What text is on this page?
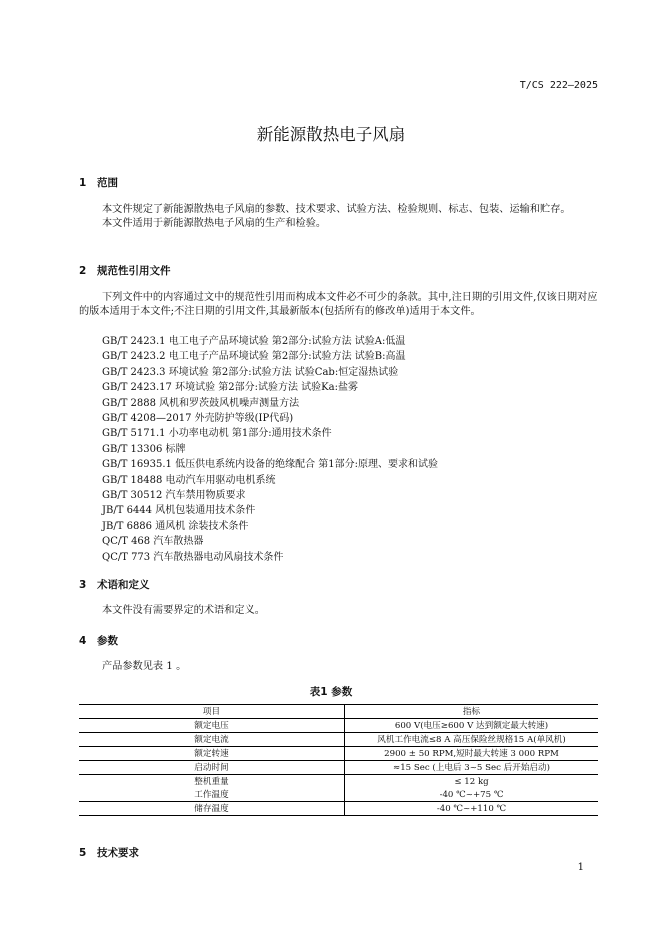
T/CS 222—2025
新能源散热电子风扇
1 范围

本文件规定了新能源散热电子风扇的参数、技术要求、试验方法、检验规则、标志、包装、运输和贮存。

本文件适用于新能源散热电子风扇的生产和检验。

2 规范性引用文件

下列文件中的内容通过文中的规范性引用而构成本文件必不可少的条款。其中,注日期的引用文件,仅该日期对应的版本适用于本文件;不注日期的引用文件,其最新版本(包括所有的修改单)适用于本文件。

GB/T 2423.1 电工电子产品环境试验 第2部分:试验方法 试验A:低温
GB/T 2423.2 电工电子产品环境试验 第2部分:试验方法 试验B:高温
GB/T 2423.3 环境试验 第2部分:试验方法 试验Cab:恒定湿热试验
GB/T 2423.17 环境试验 第2部分:试验方法 试验Ka:盐雾
GB/T 2888 风机和罗茨鼓风机噪声测量方法
GB/T 4208—2017 外壳防护等级(IP代码)
GB/T 5171.1 小功率电动机 第1部分:通用技术条件
GB/T 13306 标牌
GB/T 16935.1 低压供电系统内设备的绝缘配合 第1部分:原理、要求和试验
GB/T 18488 电动汽车用驱动电机系统
GB/T 30512 汽车禁用物质要求
JB/T 6444 风机包装通用技术条件
JB/T 6886 通风机 涂装技术条件
QC/T 468 汽车散热器
QC/T 773 汽车散热器电动风扇技术条件
3 术语和定义

本文件没有需要界定的术语和定义。

4 参数

产品参数见表 1 。

表1 参数
项目	指标
额定电压	600 V(电压≥600 V 达到额定最大转速)
额定电流	风机工作电流≤8 A 高压保险丝规格15 A(单风机)
额定转速	2900 ± 50 RPM,短时最大转速 3 000 RPM
启动时间	≈15 Sec (上电后 3~5 Sec 后开始启动)
整机重量	≤ 12 kg
工作温度	-40 ℃~+75 ℃
储存温度	-40 ℃~+110 ℃
5 技术要求
1
